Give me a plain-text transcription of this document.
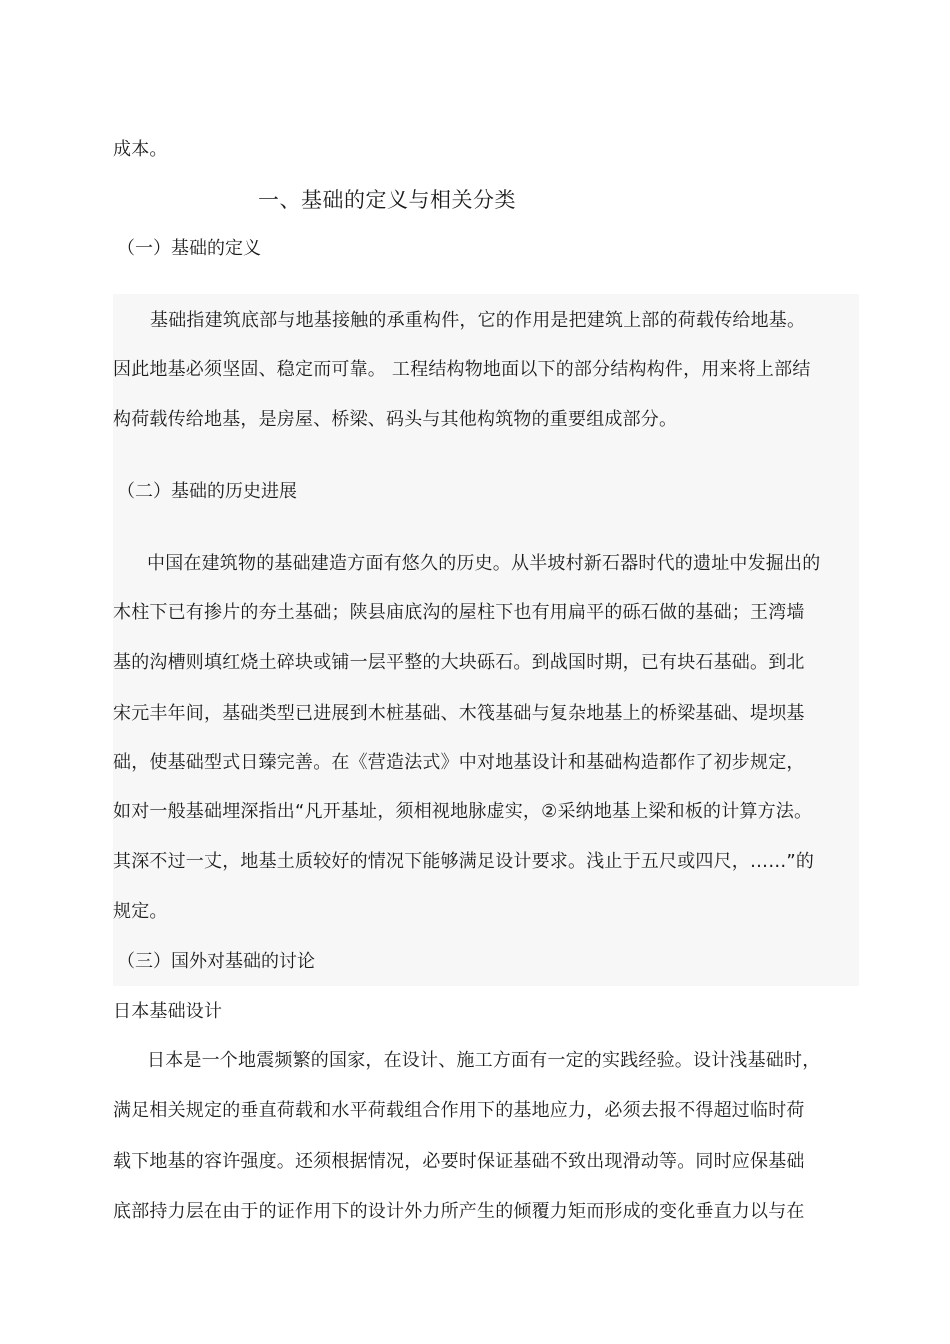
成本。
一、基础的定义与相关分类
（一）基础的定义
基础指建筑底部与地基接触的承重构件，它的作用是把建筑上部的荷载传给地基。
因此地基必须坚固、稳定而可靠。 工程结构物地面以下的部分结构构件，用来将上部结
构荷载传给地基，是房屋、桥梁、码头与其他构筑物的重要组成部分。
（二）基础的历史进展
中国在建筑物的基础建造方面有悠久的历史。从半坡村新石器时代的遗址中发掘出的
木柱下已有掺片的夯土基础；陕县庙底沟的屋柱下也有用扁平的砾石做的基础；王湾墙
基的沟槽则填红烧土碎块或铺一层平整的大块砾石。到战国时期，已有块石基础。到北
宋元丰年间，基础类型已进展到木桩基础、木筏基础与复杂地基上的桥梁基础、堤坝基
础，使基础型式日臻完善。在《营造法式》中对地基设计和基础构造都作了初步规定，
如对一般基础埋深指出“凡开基址，须相视地脉虚实，②采纳地基上梁和板的计算方法。
其深不过一丈，地基土质较好的情况下能够满足设计要求。浅止于五尺或四尺，……”的
规定。
（三）国外对基础的讨论
日本基础设计
日本是一个地震频繁的国家，在设计、施工方面有一定的实践经验。设计浅基础时，
满足相关规定的垂直荷载和水平荷载组合作用下的基地应力，必须去报不得超过临时荷
载下地基的容许强度。还须根据情况，必要时保证基础不致出现滑动等。同时应保基础
底部持力层在由于的证作用下的设计外力所产生的倾覆力矩而形成的变化垂直力以与在
